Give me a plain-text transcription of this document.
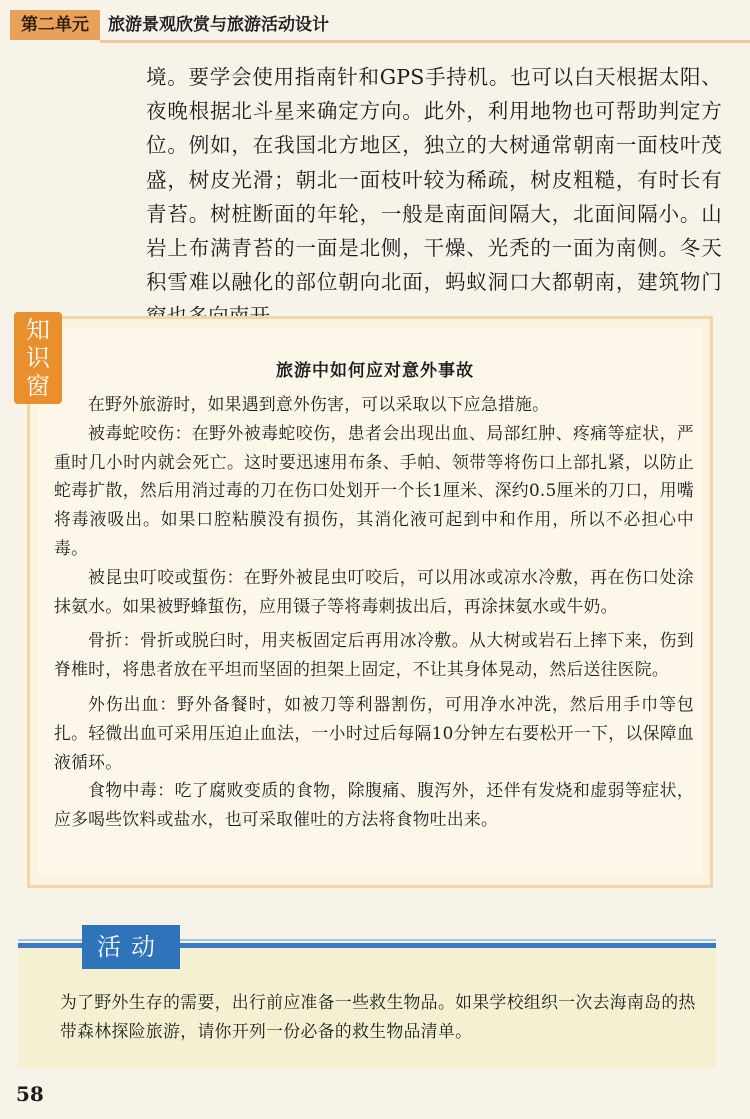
第二单元	旅游景观欣赏与旅游活动设计

境。要学会使用指南针和GPS手持机。也可以白天根据太阳、夜晚根据北斗星来确定方向。此外，利用地物也可帮助判定方位。例如，在我国北方地区，独立的大树通常朝南一面枝叶茂盛，树皮光滑；朝北一面枝叶较为稀疏，树皮粗糙，有时长有青苔。树桩断面的年轮，一般是南面间隔大，北面间隔小。山岩上布满青苔的一面是北侧，干燥、光秃的一面为南侧。冬天积雪难以融化的部位朝向北面，蚂蚁洞口大都朝南，建筑物门

知
识
窗
旅游中如何应对意外事故

在野外旅游时，如果遇到意外伤害，可以采取以下应急措施。

被毒蛇咬伤：在野外被毒蛇咬伤，患者会出现出血、局部红肿、疼痛等症状，严重时几小时内就会死亡。这时要迅速用布条、手帕、领带等将伤口上部扎紧，以防止蛇毒扩散，然后用消过毒的刀在伤口处划开一个长1厘米、深约0.5厘米的刀口，用嘴将毒液吸出。如果口腔粘膜没有损伤，其消化液可起到中和作用，所以不必担心中毒。

被昆虫叮咬或蜇伤：在野外被昆虫叮咬后，可以用冰或凉水冷敷，再在伤口处涂抹氨水。如果被野蜂蜇伤，应用镊子等将毒刺拔出后，再涂抹氨水或牛奶。

骨折：骨折或脱臼时，用夹板固定后再用冰冷敷。从大树或岩石上摔下来，伤到脊椎时，将患者放在平坦而坚固的担架上固定，不让其身体晃动，然后送往医院。

外伤出血：野外备餐时，如被刀等利器割伤，可用净水冲洗，然后用手巾等包扎。轻微出血可采用压迫止血法，一小时过后每隔10分钟左右要松开一下，以保障血液循环。

食物中毒：吃了腐败变质的食物，除腹痛、腹泻外，还伴有发烧和虚弱等症状，应多喝些饮料或盐水，也可采取催吐的方法将食物吐出来。

活动

为了野外生存的需要，出行前应准备一些救生物品。如果学校组织一次去海南岛的热带森林探险旅游，请你开列一份必备的救生物品清单。

58
